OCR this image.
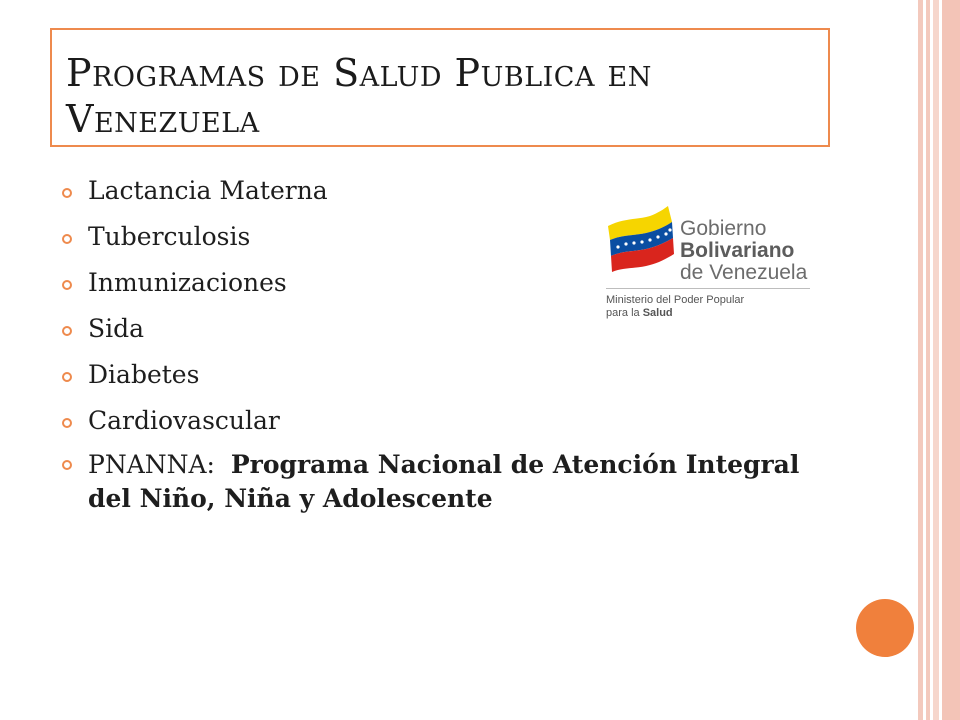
Programas de Salud Publica en Venezuela
Lactancia Materna
Tuberculosis
Inmunizaciones
Sida
Diabetes
Cardiovascular
PNANNA:  Programa Nacional de Atención Integral del Niño, Niña y Adolescente
Gobierno
Bolivariano
de Venezuela
Ministerio del Poder Popular
para la Salud
